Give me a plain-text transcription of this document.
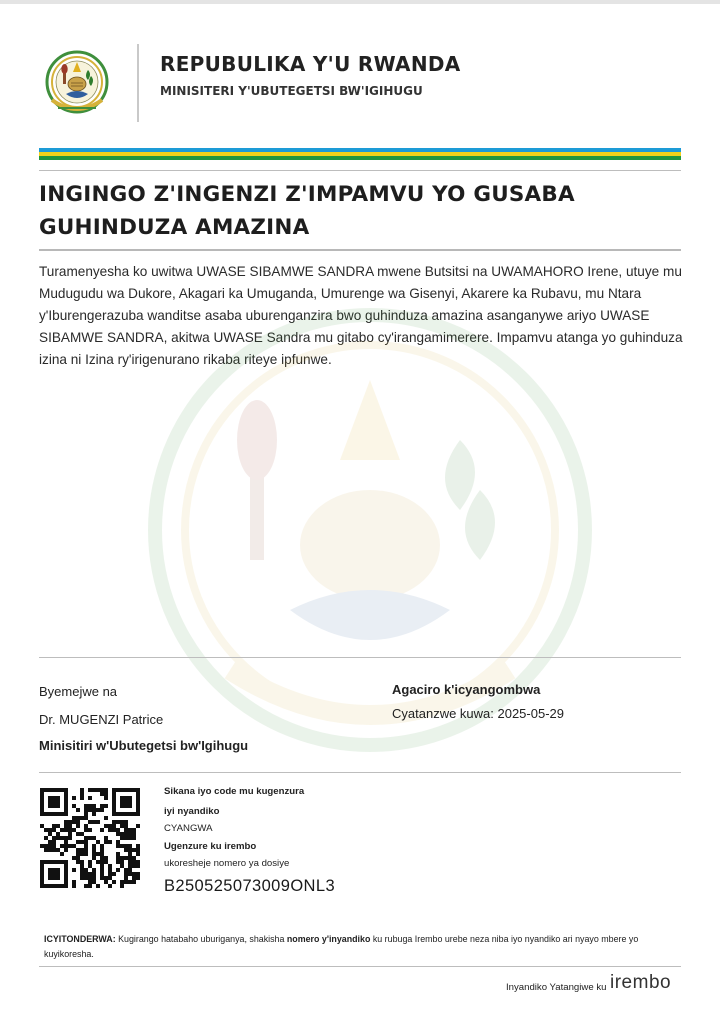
REPUBULIKA Y'U RWANDA
MINISITERI Y'UBUTEGETSI BW'IGIHUGU
INGINGO Z'INGENZI Z'IMPAMVU YO GUSABA GUHINDUZA AMAZINA
Turamenyesha ko uwitwa UWASE SIBAMWE SANDRA mwene Butsitsi na UWAMAHORO Irene, utuye mu Mudugudu wa Dukore, Akagari ka Umuganda, Umurenge wa Gisenyi, Akarere ka Rubavu, mu Ntara y'Iburengerazuba wanditse asaba uburenganzira bwo guhinduza amazina asanganywe ariyo UWASE SIBAMWE SANDRA, akitwa UWASE Sandra mu gitabo cy'irangamimerere. Impamvu atanga yo guhinduza izina ni Izina ry'irigenurano rikaba riteye ipfunwe.
Byemejwe na
Dr. MUGENZI Patrice
Minisitiri w'Ubutegetsi bw'Igihugu
Agaciro k'icyangombwa
Cyatanzwe kuwa: 2025-05-29
Sikana iyo code mu kugenzura
iyi nyandiko
CYANGWA
Ugenzure ku irembo
ukoresheje nomero ya dosiye
B250525073009ONL3
ICYITONDERWA: Kugirango hatabaho uburiganya, shakisha nomero y'inyandiko ku rubuga Irembo urebe neza niba iyo nyandiko ari nyayo mbere yo kuyikoresha.
Inyandiko Yatangiwe ku irembo
